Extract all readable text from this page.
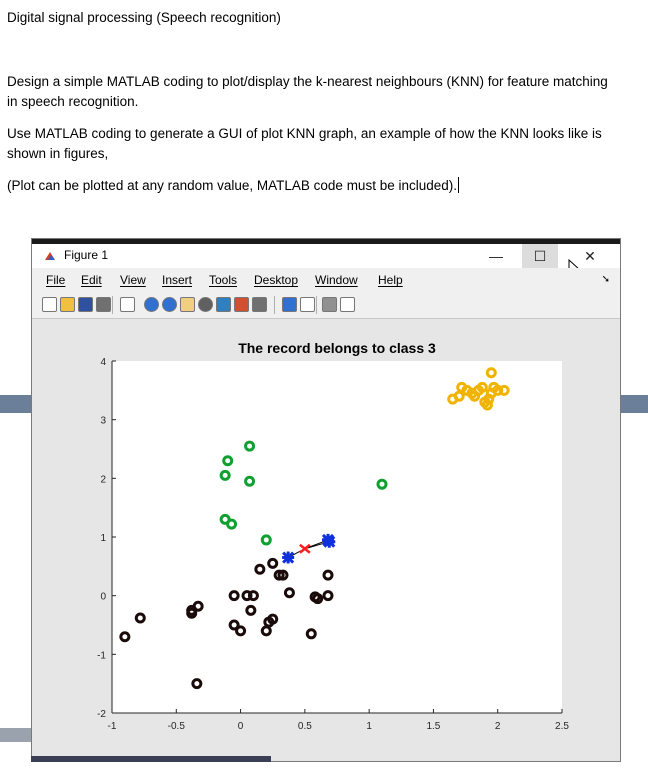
Digital signal processing (Speech recognition)

Design a simple MATLAB coding to plot/display the k-nearest neighbours (KNN) for feature matching

in speech recognition.

Use MATLAB coding to generate a GUI of plot KNN graph, an example of how the KNN looks like is

shown in figures,

(Plot can be plotted at any random value, MATLAB code must be included).

Figure 1	—	☐	✕
➘
File Edit View Insert Tools Desktop Window Help
The record belongs to class 3
-1	-0.5	0	0.5	1	1.5	2	2.5
-2
-1
0
1
2
3
4
